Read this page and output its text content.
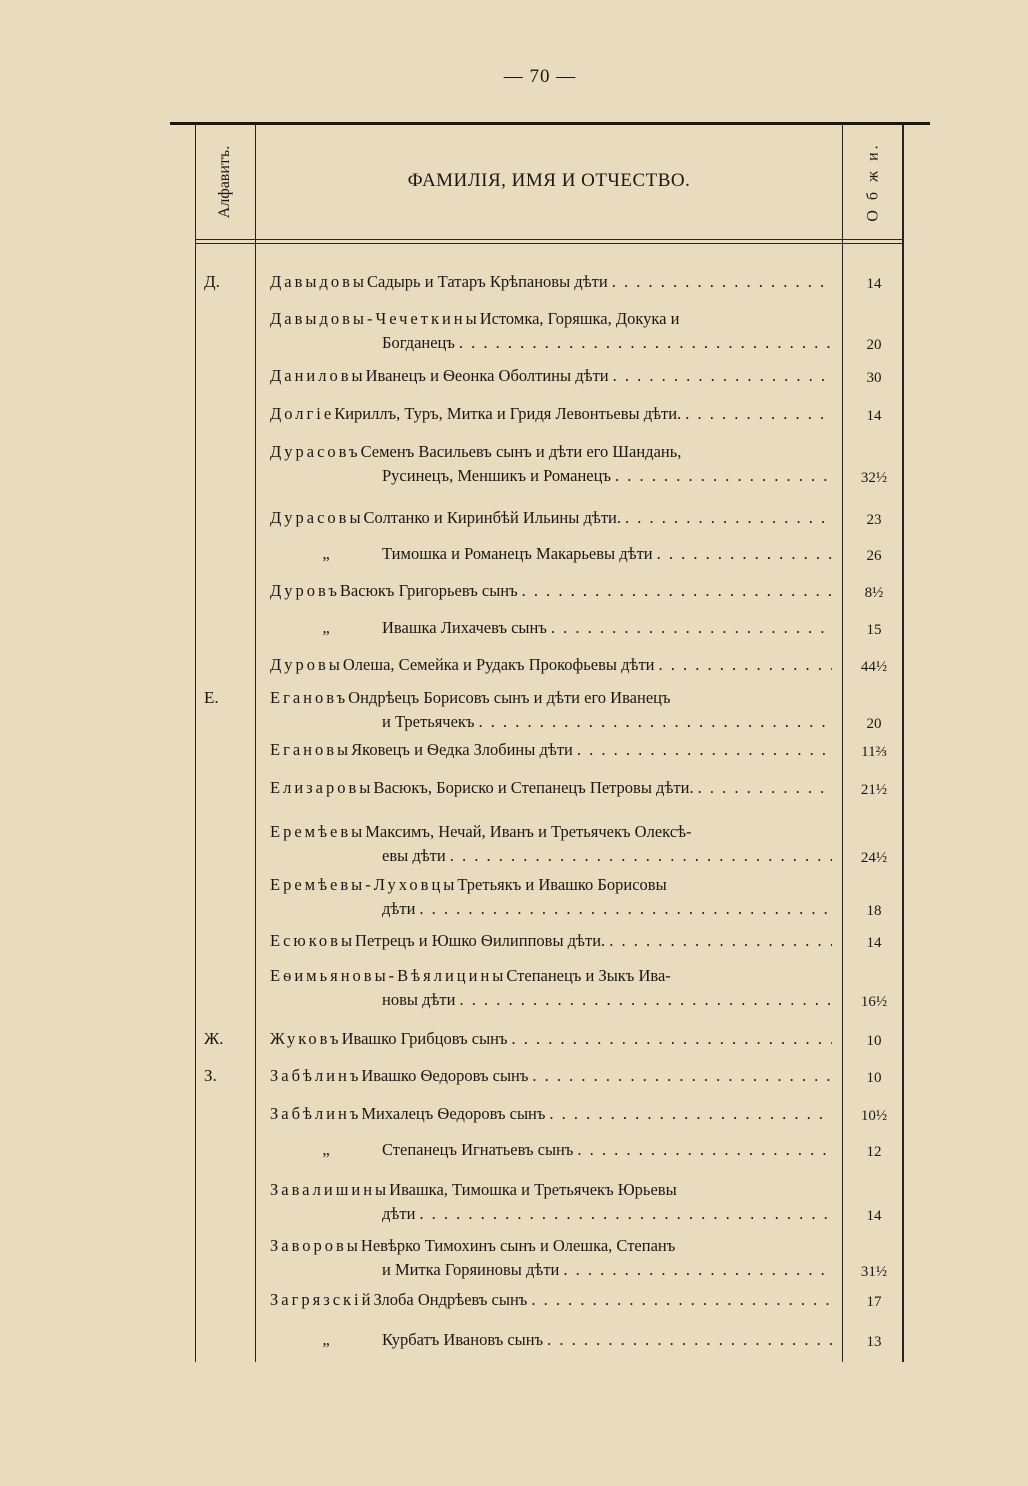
— 70 —
Алфавитъ.	ФАМИЛІЯ, ИМЯ И ОТЧЕСТВО.	О б ж и.
Д.	Давыдовы Садырь и Татаръ Крѣпановы дѣти . . .	14
Давыдовы-Чечеткины Истомка, Горяшка, Докука и
Богданецъ . . .	20
Даниловы Иванецъ и Ѳеонка Оболтины дѣти . . .	30
Долгіе Кириллъ, Туръ, Митка и Гридя Левонтьевы дѣти. . . .	14
Дурасовъ Семенъ Васильевъ сынъ и дѣти его Шандань,
Русинецъ, Меншикъ и Романецъ . . .	32½
Дурасовы Солтанко и Киринбѣй Ильины дѣти. . . .	23
„	Тимошка и Романецъ Макарьевы дѣти . . .	26
Дуровъ Васюкъ Григорьевъ сынъ . . .	8½
„	Ивашка Лихачевъ сынъ . . .	15
Дуровы Олеша, Семейка и Рудакъ Прокофьевы дѣти . . .	44½
Е.	Егановъ Ондрѣецъ Борисовъ сынъ и дѣти его Иванецъ
и Третьячекъ . . .	20
Егановы Яковецъ и Ѳедка Злобины дѣти . . .	11⅔
Елизаровы Васюкъ, Бориско и Степанецъ Петровы дѣти. . . .	21½
Еремѣевы Максимъ, Нечай, Иванъ и Третьячекъ Олексѣ-
евы дѣти . . .	24½
Еремѣевы-Луховцы Третьякъ и Ивашко Борисовы
дѣти . . .	18
Есюковы Петрецъ и Юшко Ѳилипповы дѣти. . . .	14
Еѳимьяновы-Вѣялицины Степанецъ и Зыкъ Ива-
новы дѣти . . .	16½
Ж.	Жуковъ Ивашко Грибцовъ сынъ . . .	10
З.	Забѣлинъ Ивашко Ѳедоровъ сынъ . . .	10
Забѣлинъ Михалецъ Ѳедоровъ сынъ . . .	10½
„	Степанецъ Игнатьевъ сынъ . . .	12
Завалишины Ивашка, Тимошка и Третьячекъ Юрьевы
дѣти . . .	14
Заворовы Невѣрко Тимохинъ сынъ и Олешка, Степанъ
и Митка Горяиновы дѣти . . .	31½
Загрязскій Злоба Ондрѣевъ сынъ . . .	17
„	Курбатъ Ивановъ сынъ . . .	13
